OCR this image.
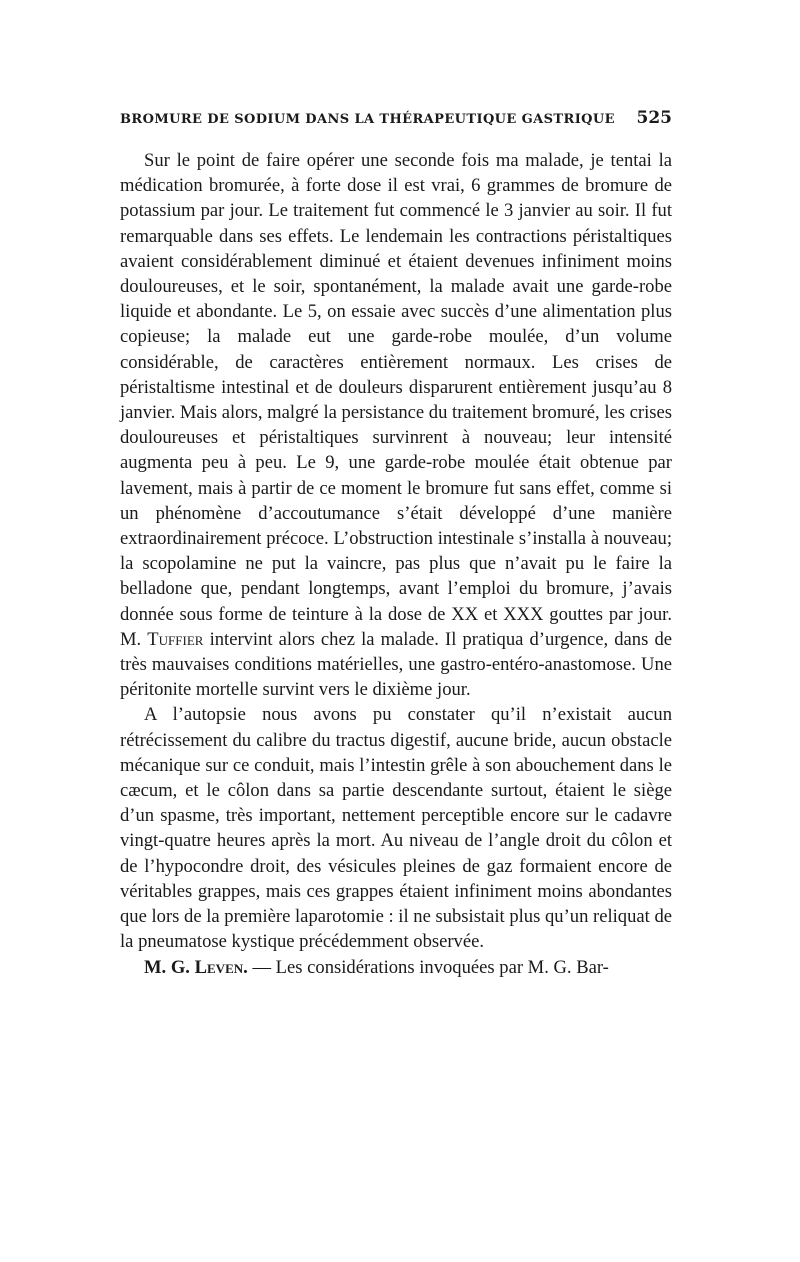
BROMURE DE SODIUM DANS LA THÉRAPEUTIQUE GASTRIQUE 525

Sur le point de faire opérer une seconde fois ma malade, je tentai la médication bromurée, à forte dose il est vrai, 6 grammes de bromure de potassium par jour. Le traitement fut commencé le 3 janvier au soir. Il fut remarquable dans ses effets. Le lendemain les contractions péristaltiques avaient considérablement diminué et étaient devenues infiniment moins douloureuses, et le soir, spontanément, la malade avait une garde-robe liquide et abondante. Le 5, on essaie avec succès d’une alimentation plus copieuse; la malade eut une garde-robe moulée, d’un volume considérable, de caractères entièrement normaux. Les crises de péristaltisme intestinal et de douleurs disparurent entièrement jusqu’au 8 janvier. Mais alors, malgré la persistance du traitement bromuré, les crises douloureuses et péristaltiques survinrent à nouveau; leur intensité augmenta peu à peu. Le 9, une garde-robe moulée était obtenue par lavement, mais à partir de ce moment le bromure fut sans effet, comme si un phénomène d’accoutumance s’était développé d’une manière extraordinairement précoce. L’obstruction intestinale s’installa à nouveau; la scopolamine ne put la vaincre, pas plus que n’avait pu le faire la belladone que, pendant longtemps, avant l’emploi du bromure, j’avais donnée sous forme de teinture à la dose de XX et XXX gouttes par jour. M. Tuffier intervint alors chez la malade. Il pratiqua d’urgence, dans de très mauvaises conditions matérielles, une gastro-entéro-anastomose. Une péritonite mortelle survint vers le dixième jour.

A l’autopsie nous avons pu constater qu’il n’existait aucun rétrécissement du calibre du tractus digestif, aucune bride, aucun obstacle mécanique sur ce conduit, mais l’intestin grêle à son abouchement dans le cæcum, et le côlon dans sa partie descendante surtout, étaient le siège d’un spasme, très important, nettement perceptible encore sur le cadavre vingt-quatre heures après la mort. Au niveau de l’angle droit du côlon et de l’hypocondre droit, des vésicules pleines de gaz formaient encore de véritables grappes, mais ces grappes étaient infiniment moins abondantes que lors de la première laparotomie : il ne subsistait plus qu’un reliquat de la pneumatose kystique précédemment observée.

M. G. Leven. — Les considérations invoquées par M. G. Bar-
